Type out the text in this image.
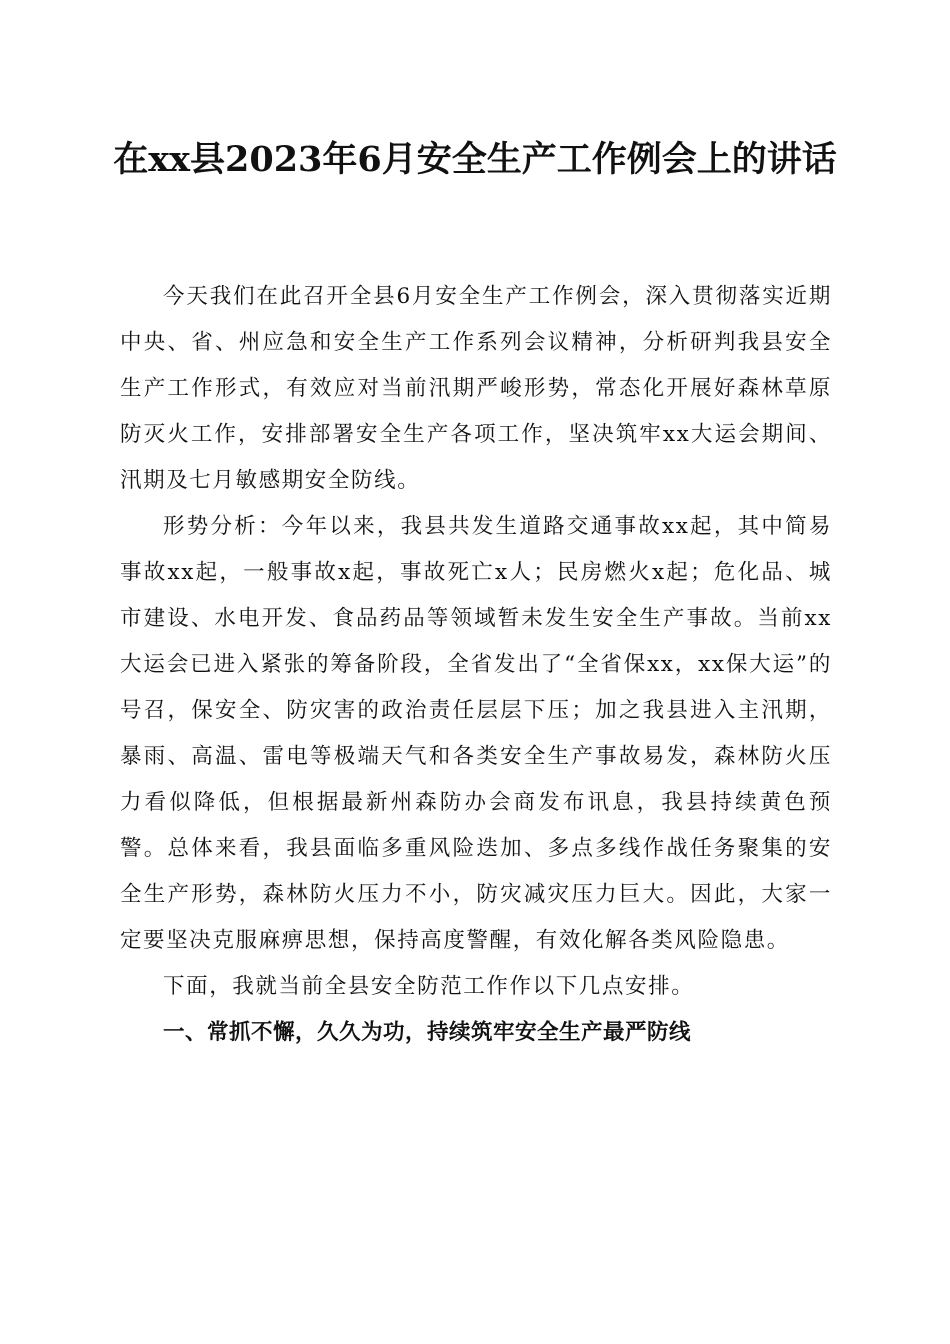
在xx县2023年6月安全生产工作例会上的讲话

今天我们在此召开全县6月安全生产工作例会，深入贯彻落实近期中央、省、州应急和安全生产工作系列会议精神，分析研判我县安全生产工作形式，有效应对当前汛期严峻形势，常态化开展好森林草原防灭火工作，安排部署安全生产各项工作，坚决筑牢xx大运会期间、汛期及七月敏感期安全防线。

形势分析：今年以来，我县共发生道路交通事故xx起，其中简易事故xx起，一般事故x起，事故死亡x人；民房燃火x起；危化品、城市建设、水电开发、食品药品等领域暂未发生安全生产事故。当前xx大运会已进入紧张的筹备阶段，全省发出了“全省保xx，xx保大运”的号召，保安全、防灾害的政治责任层层下压；加之我县进入主汛期，暴雨、高温、雷电等极端天气和各类安全生产事故易发，森林防火压力看似降低，但根据最新州森防办会商发布讯息，我县持续黄色预警。总体来看，我县面临多重风险迭加、多点多线作战任务聚集的安全生产形势，森林防火压力不小，防灾减灾压力巨大。因此，大家一定要坚决克服麻痹思想，保持高度警醒，有效化解各类风险隐患。

下面，我就当前全县安全防范工作作以下几点安排。

一、常抓不懈，久久为功，持续筑牢安全生产最严防线
